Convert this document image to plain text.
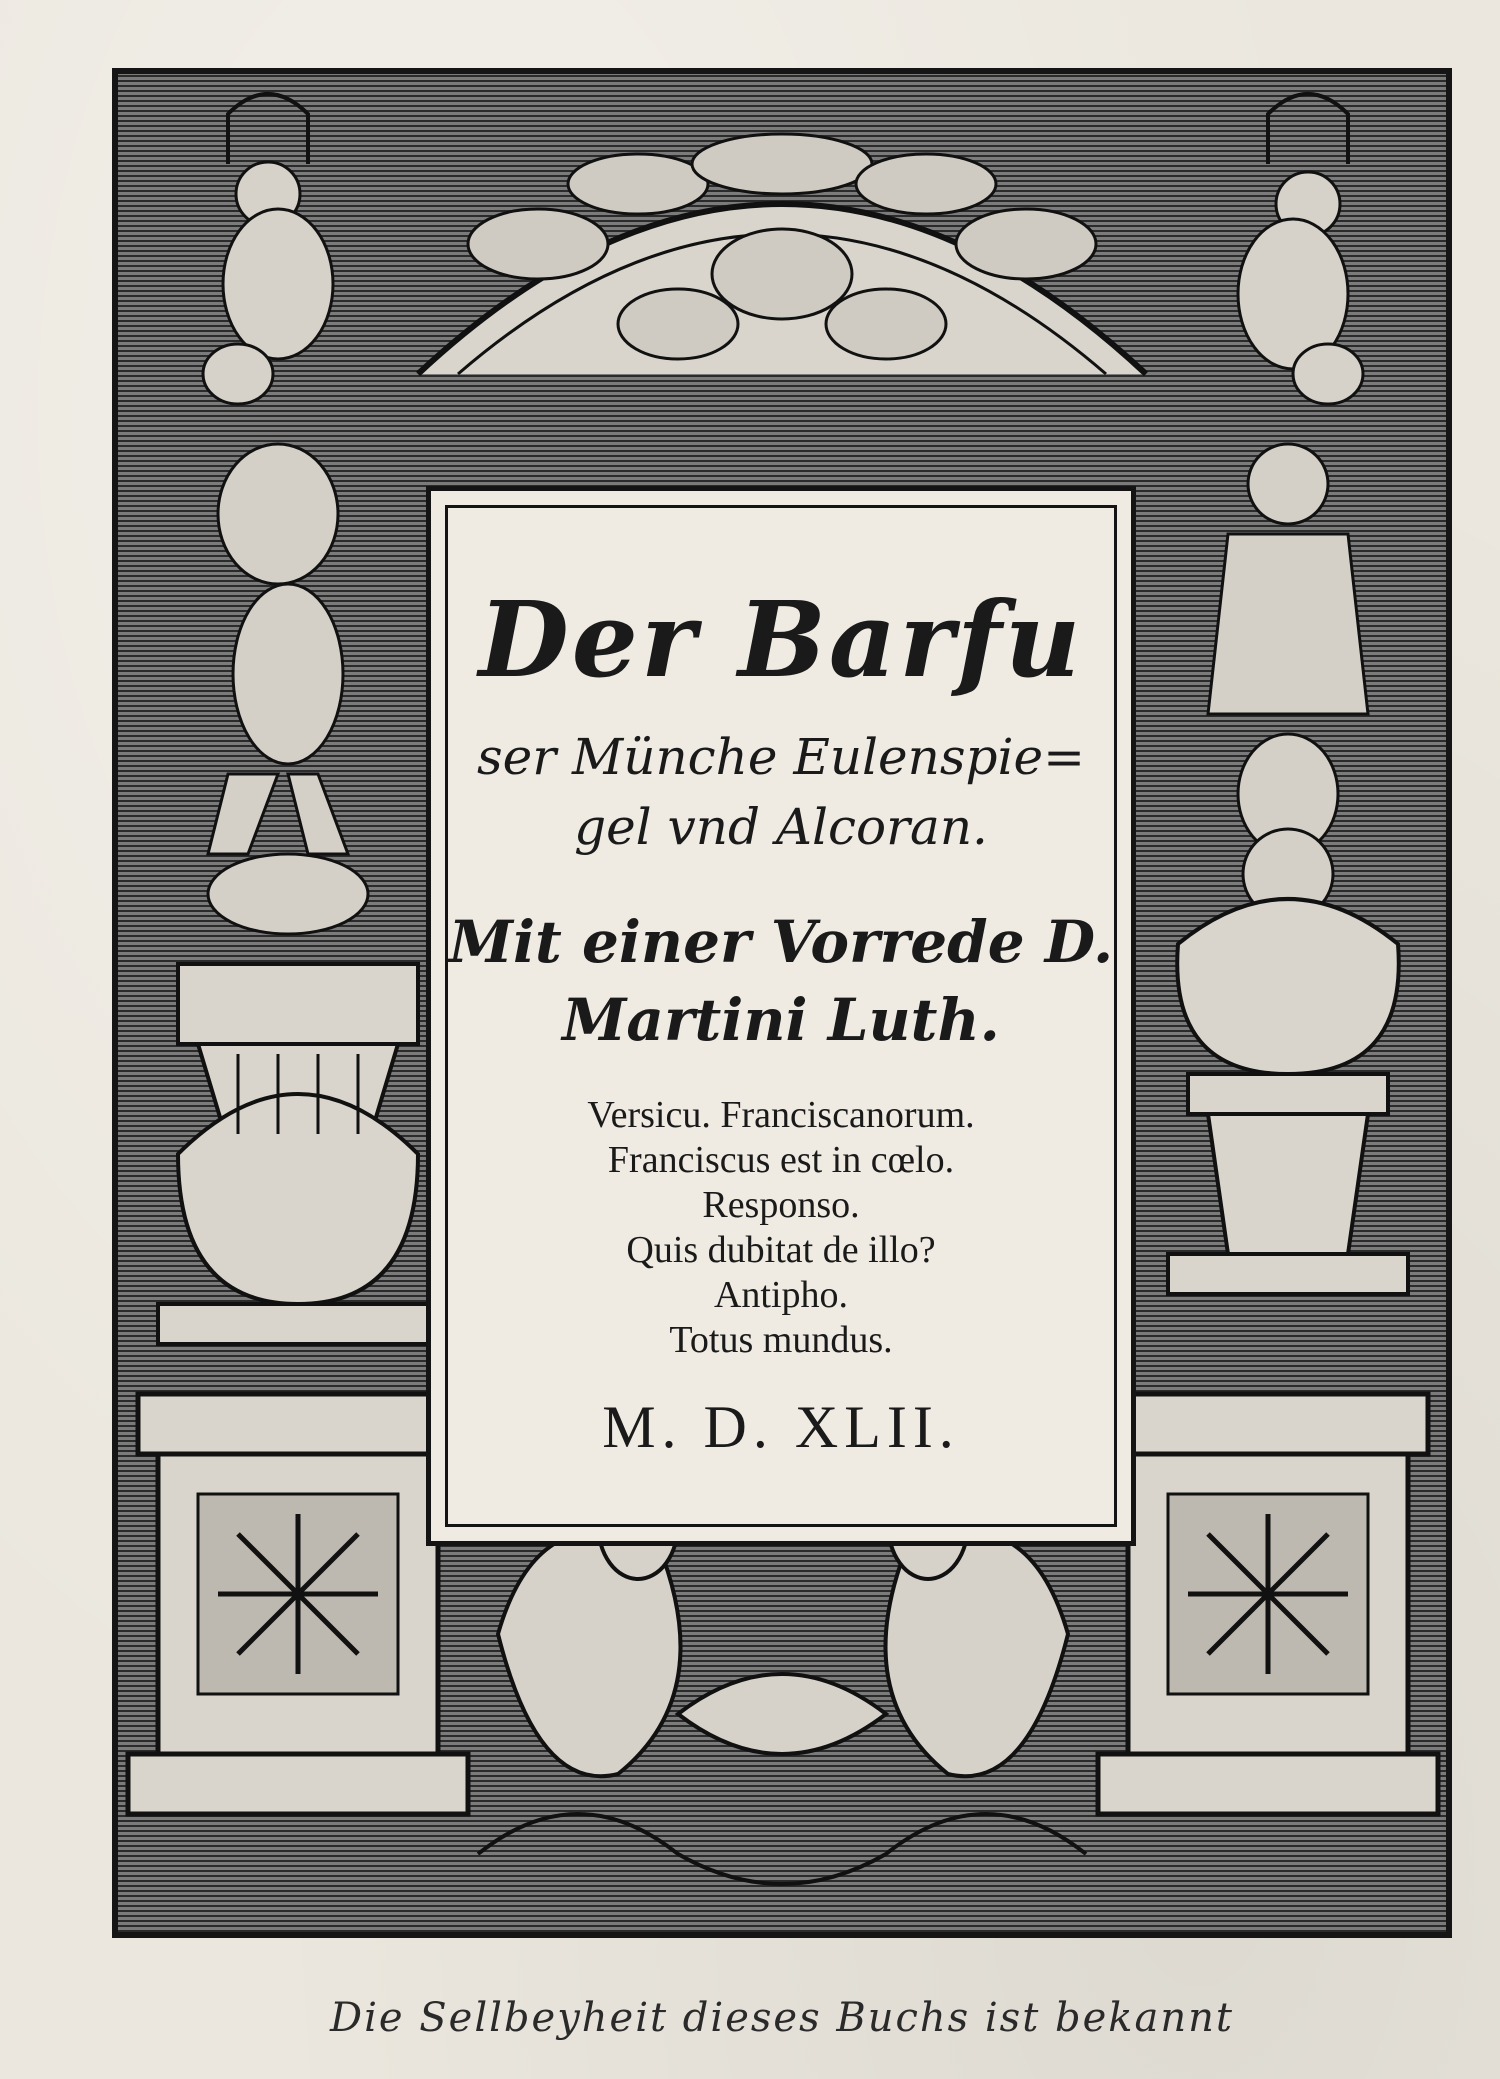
Der Barfu
ser Münche Eulenspie=
gel vnd Alcoran.
Mit einer Vorrede D.
Martini Luth.
Versicu. Franciscanorum.
Franciscus est in cœlo.
Responso.
Quis dubitat de illo?
Antipho.
Totus mundus.
M. D. XLII.
Die Sellbeyheit dieses Buchs ist bekannt
